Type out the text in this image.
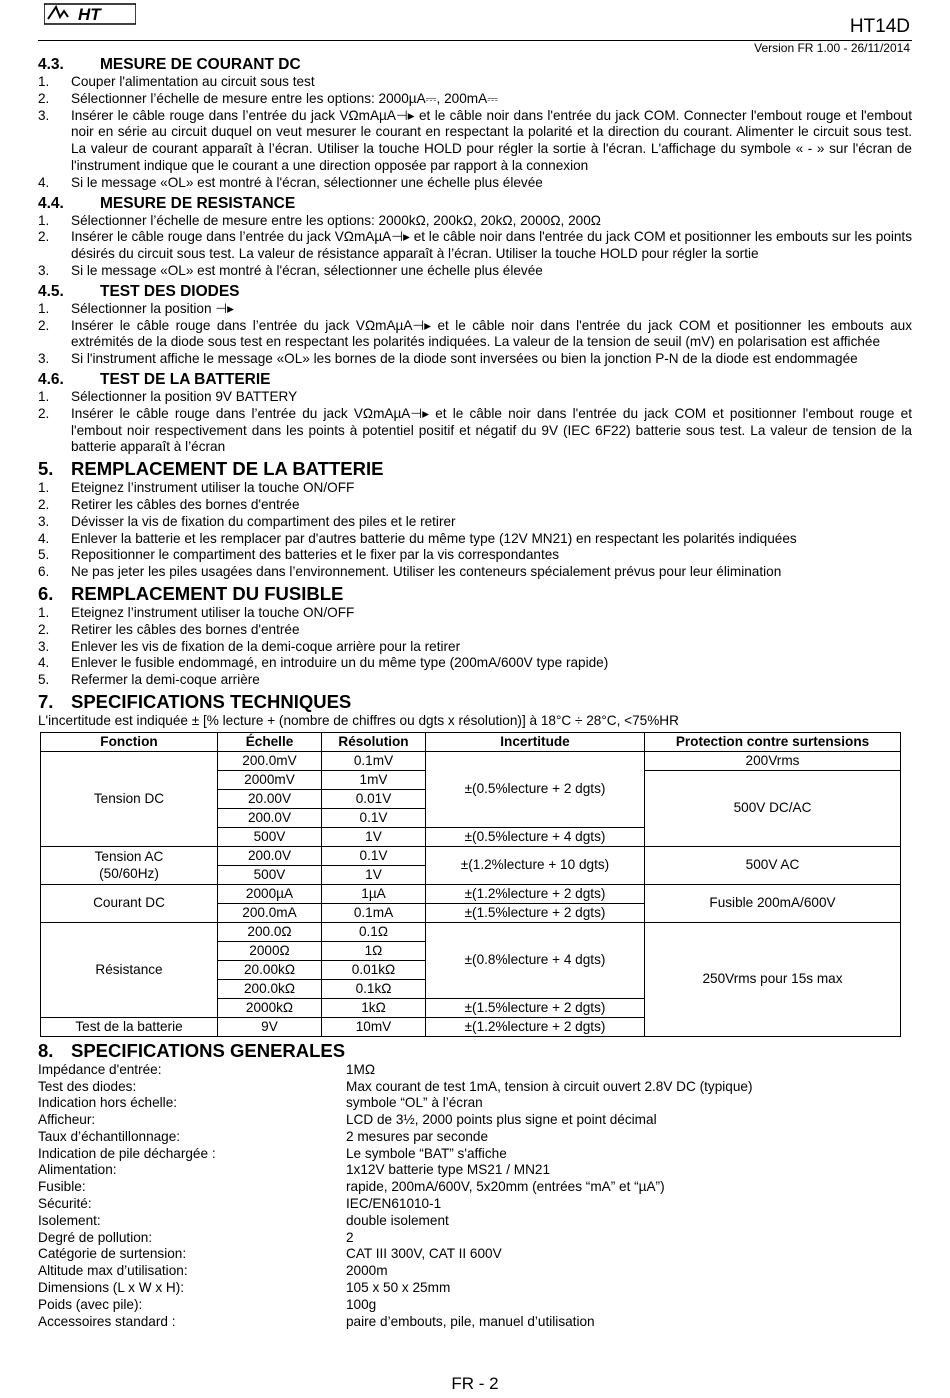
HT
HT14D
Version FR 1.00 - 26/11/2014
4.3. MESURE DE COURANT DC
1.	Couper l'alimentation au circuit sous test
2.	Sélectionner l’échelle de mesure entre les options: 2000µA⎓, 200mA⎓
3.	Insérer le câble rouge dans l’entrée du jack VΩmAµA⊣▸ et le câble noir dans l'entrée du jack COM. Connecter l'embout rouge et l'embout noir en série au circuit duquel on veut mesurer le courant en respectant la polarité et la direction du courant. Alimenter le circuit sous test. La valeur de courant apparaît à l’écran. Utiliser la touche HOLD pour régler la sortie à l'écran. L'affichage du symbole « - » sur l'écran de l'instrument indique que le courant a une direction opposée par rapport à la connexion
4.	Si le message «OL» est montré à l'écran, sélectionner une échelle plus élevée
4.4. MESURE DE RESISTANCE
1.	Sélectionner l’échelle de mesure entre les options: 2000kΩ, 200kΩ, 20kΩ, 2000Ω, 200Ω
2.	Insérer le câble rouge dans l’entrée du jack VΩmAµA⊣▸ et le câble noir dans l'entrée du jack COM et positionner les embouts sur les points désirés du circuit sous test. La valeur de résistance apparaît à l’écran. Utiliser la touche HOLD pour régler la sortie
3.	Si le message «OL» est montré à l'écran, sélectionner une échelle plus élevée
4.5. TEST DES DIODES
1.	Sélectionner la position ⊣▸
2.	Insérer le câble rouge dans l’entrée du jack VΩmAµA⊣▸ et le câble noir dans l'entrée du jack COM et positionner les embouts aux extrémités de la diode sous test en respectant les polarités indiquées. La valeur de la tension de seuil (mV) en polarisation est affichée
3.	Si l'instrument affiche le message «OL» les bornes de la diode sont inversées ou bien la jonction P-N de la diode est endommagée
4.6. TEST DE LA BATTERIE
1.	Sélectionner la position 9V BATTERY
2.	Insérer le câble rouge dans l’entrée du jack VΩmAµA⊣▸ et le câble noir dans l'entrée du jack COM et positionner l'embout rouge et l'embout noir respectivement dans les points à potentiel positif et négatif du 9V (IEC 6F22) batterie sous test. La valeur de tension de la batterie apparaît à l’écran
5. REMPLACEMENT DE LA BATTERIE
1.	Eteignez l’instrument utiliser la touche ON/OFF
2.	Retirer les câbles des bornes d'entrée
3.	Dévisser la vis de fixation du compartiment des piles et le retirer
4.	Enlever la batterie et les remplacer par d'autres batterie du même type (12V MN21) en respectant les polarités indiquées
5.	Repositionner le compartiment des batteries et le fixer par la vis correspondantes
6.	Ne pas jeter les piles usagées dans l’environnement. Utiliser les conteneurs spécialement prévus pour leur élimination
6. REMPLACEMENT DU FUSIBLE
1.	Eteignez l’instrument utiliser la touche ON/OFF
2.	Retirer les câbles des bornes d'entrée
3.	Enlever les vis de fixation de la demi-coque arrière pour la retirer
4.	Enlever le fusible endommagé, en introduire un du même type (200mA/600V type rapide)
5.	Refermer la demi-coque arrière
7. SPECIFICATIONS TECHNIQUES
L'incertitude est indiquée ± [% lecture + (nombre de chiffres ou dgts x résolution)] à 18°C ÷ 28°C, <75%HR
Fonction	Échelle	Résolution	Incertitude	Protection contre surtensions
Tension DC	200.0mV	0.1mV	±(0.5%lecture + 2 dgts)	200Vrms
	2000mV	1mV		500V DC/AC
	20.00V	0.01V		
	200.0V	0.1V		
	500V	1V	±(0.5%lecture + 4 dgts)	
Tension AC
(50/60Hz)	200.0V	0.1V	±(1.2%lecture + 10 dgts)	500V AC
	500V	1V		
Courant DC	2000µA	1µA	±(1.2%lecture + 2 dgts)	Fusible 200mA/600V
	200.0mA	0.1mA	±(1.5%lecture + 2 dgts)	
Résistance	200.0Ω	0.1Ω	±(0.8%lecture + 4 dgts)	250Vrms pour 15s max
	2000Ω	1Ω		
	20.00kΩ	0.01kΩ		
	200.0kΩ	0.1kΩ		
	2000kΩ	1kΩ	±(1.5%lecture + 2 dgts)	
Test de la batterie	9V	10mV	±(1.2%lecture + 2 dgts)	
8. SPECIFICATIONS GENERALES
Impédance d'entrée:	1MΩ
Test des diodes:	Max courant de test 1mA, tension à circuit ouvert 2.8V DC (typique)
Indication hors échelle:	symbole “OL” à l’écran
Afficheur:	LCD de 3½, 2000 points plus signe et point décimal
Taux d’échantillonnage:	2 mesures par seconde
Indication de pile déchargée :	Le symbole “BAT” s'affiche
Alimentation:	1x12V batterie type MS21 / MN21
Fusible:	rapide, 200mA/600V, 5x20mm (entrées “mA” et “µA”)
Sécurité:	IEC/EN61010-1
Isolement:	double isolement
Degré de pollution:	2
Catégorie de surtension:	CAT III 300V, CAT II 600V
Altitude max d’utilisation:	2000m
Dimensions (L x W x H):	105 x 50 x 25mm
Poids (avec pile):	100g
Accessoires standard :	paire d’embouts, pile, manuel d’utilisation
FR - 2
